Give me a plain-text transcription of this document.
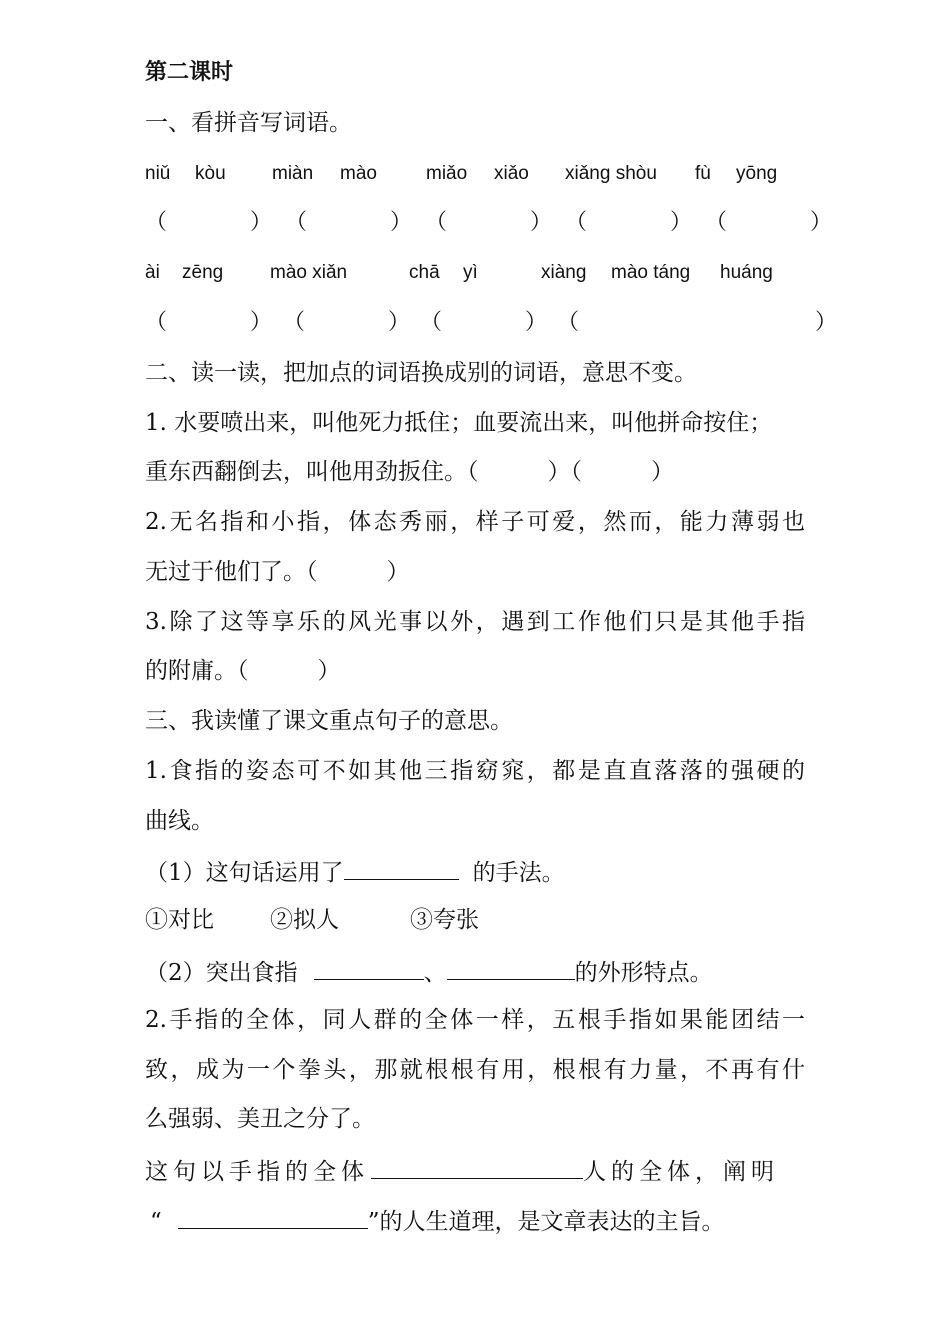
第二课时
一、看拼音写词语。
niǔ kòu miàn mào	miǎo xiǎo xiǎng shòu fù yōng
（	） （	） （	） （	） （	）
ài zēng mào xiǎn	chā yì	xiàng mào táng huáng
（	） （	） （	） （	）
二、读一读，把加点的词语换成别的词语，意思不变。
1. 水要喷出来，叫他死力抵住；血要流出来，叫他拼命按住；
重东西翻倒去，叫他用劲扳住。（　　　）（　　　）
2.无名指和小指，体态秀丽，样子可爱，然而，能力薄弱也
无过于他们了。（　　　）
3.除了这等享乐的风光事以外，遇到工作他们只是其他手指
的附庸。（　　　）
三、我读懂了课文重点句子的意思。
1.食指的姿态可不如其他三指窈窕，都是直直落落的强硬的
曲线。
（1）这句话运用了	的手法。
①对比 ②拟人	③夸张
（2）突出食指	、	的外形特点。
2.手指的全体，同人群的全体一样，五根手指如果能团结一
致，成为一个拳头，那就根根有用，根根有力量，不再有什
么强弱、美丑之分了。
这句以手指的全体	人的全体，阐明
“	”的人生道理，是文章表达的主旨。
